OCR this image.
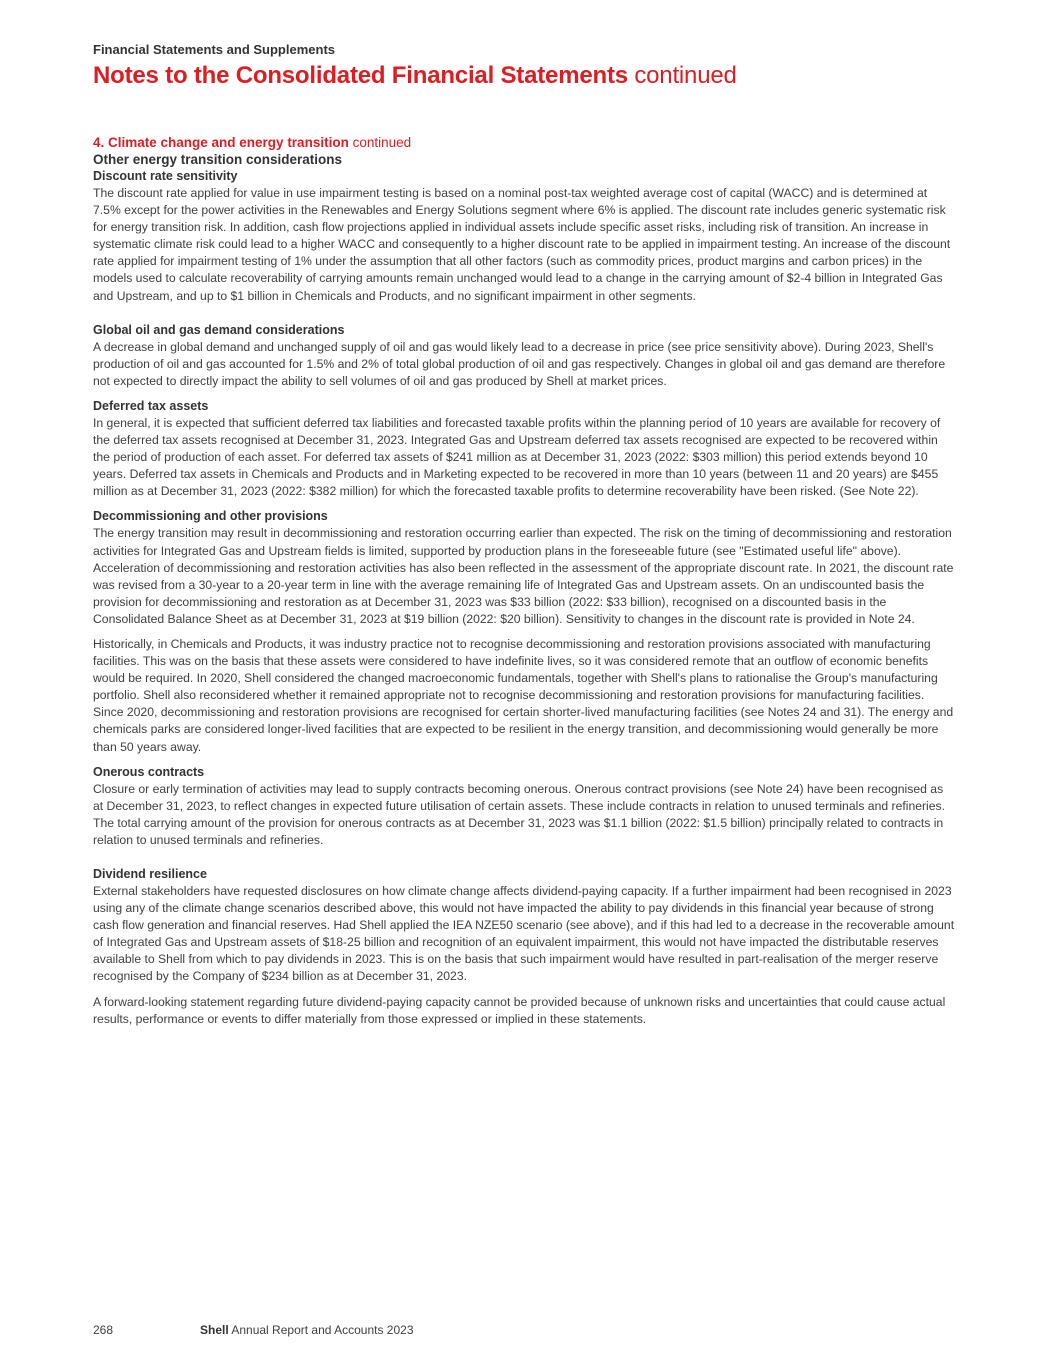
Financial Statements and Supplements
Notes to the Consolidated Financial Statements continued
4. Climate change and energy transition continued
Other energy transition considerations
Discount rate sensitivity

The discount rate applied for value in use impairment testing is based on a nominal post-tax weighted average cost of capital (WACC) and is determined at 7.5% except for the power activities in the Renewables and Energy Solutions segment where 6% is applied. The discount rate includes generic systematic risk for energy transition risk. In addition, cash flow projections applied in individual assets include specific asset risks, including risk of transition. An increase in systematic climate risk could lead to a higher WACC and consequently to a higher discount rate to be applied in impairment testing. An increase of the discount rate applied for impairment testing of 1% under the assumption that all other factors (such as commodity prices, product margins and carbon prices) in the models used to calculate recoverability of carrying amounts remain unchanged would lead to a change in the carrying amount of $2-4 billion in Integrated Gas and Upstream, and up to $1 billion in Chemicals and Products, and no significant impairment in other segments.

Global oil and gas demand considerations

A decrease in global demand and unchanged supply of oil and gas would likely lead to a decrease in price (see price sensitivity above). During 2023, Shell's production of oil and gas accounted for 1.5% and 2% of total global production of oil and gas respectively. Changes in global oil and gas demand are therefore not expected to directly impact the ability to sell volumes of oil and gas produced by Shell at market prices.

Deferred tax assets

In general, it is expected that sufficient deferred tax liabilities and forecasted taxable profits within the planning period of 10 years are available for recovery of the deferred tax assets recognised at December 31, 2023. Integrated Gas and Upstream deferred tax assets recognised are expected to be recovered within the period of production of each asset. For deferred tax assets of $241 million as at December 31, 2023 (2022: $303 million) this period extends beyond 10 years. Deferred tax assets in Chemicals and Products and in Marketing expected to be recovered in more than 10 years (between 11 and 20 years) are $455 million as at December 31, 2023 (2022: $382 million) for which the forecasted taxable profits to determine recoverability have been risked. (See Note 22).

Decommissioning and other provisions

The energy transition may result in decommissioning and restoration occurring earlier than expected. The risk on the timing of decommissioning and restoration activities for Integrated Gas and Upstream fields is limited, supported by production plans in the foreseeable future (see "Estimated useful life" above). Acceleration of decommissioning and restoration activities has also been reflected in the assessment of the appropriate discount rate. In 2021, the discount rate was revised from a 30-year to a 20-year term in line with the average remaining life of Integrated Gas and Upstream assets. On an undiscounted basis the provision for decommissioning and restoration as at December 31, 2023 was $33 billion (2022: $33 billion), recognised on a discounted basis in the Consolidated Balance Sheet as at December 31, 2023 at $19 billion (2022: $20 billion). Sensitivity to changes in the discount rate is provided in Note 24.

Historically, in Chemicals and Products, it was industry practice not to recognise decommissioning and restoration provisions associated with manufacturing facilities. This was on the basis that these assets were considered to have indefinite lives, so it was considered remote that an outflow of economic benefits would be required. In 2020, Shell considered the changed macroeconomic fundamentals, together with Shell's plans to rationalise the Group's manufacturing portfolio. Shell also reconsidered whether it remained appropriate not to recognise decommissioning and restoration provisions for manufacturing facilities. Since 2020, decommissioning and restoration provisions are recognised for certain shorter-lived manufacturing facilities (see Notes 24 and 31). The energy and chemicals parks are considered longer-lived facilities that are expected to be resilient in the energy transition, and decommissioning would generally be more than 50 years away.

Onerous contracts

Closure or early termination of activities may lead to supply contracts becoming onerous. Onerous contract provisions (see Note 24) have been recognised as at December 31, 2023, to reflect changes in expected future utilisation of certain assets. These include contracts in relation to unused terminals and refineries. The total carrying amount of the provision for onerous contracts as at December 31, 2023 was $1.1 billion (2022: $1.5 billion) principally related to contracts in relation to unused terminals and refineries.

Dividend resilience

External stakeholders have requested disclosures on how climate change affects dividend-paying capacity. If a further impairment had been recognised in 2023 using any of the climate change scenarios described above, this would not have impacted the ability to pay dividends in this financial year because of strong cash flow generation and financial reserves. Had Shell applied the IEA NZE50 scenario (see above), and if this had led to a decrease in the recoverable amount of Integrated Gas and Upstream assets of $18-25 billion and recognition of an equivalent impairment, this would not have impacted the distributable reserves available to Shell from which to pay dividends in 2023. This is on the basis that such impairment would have resulted in part-realisation of the merger reserve recognised by the Company of $234 billion as at December 31, 2023.

A forward-looking statement regarding future dividend-paying capacity cannot be provided because of unknown risks and uncertainties that could cause actual results, performance or events to differ materially from those expressed or implied in these statements.

268	Shell Annual Report and Accounts 2023
